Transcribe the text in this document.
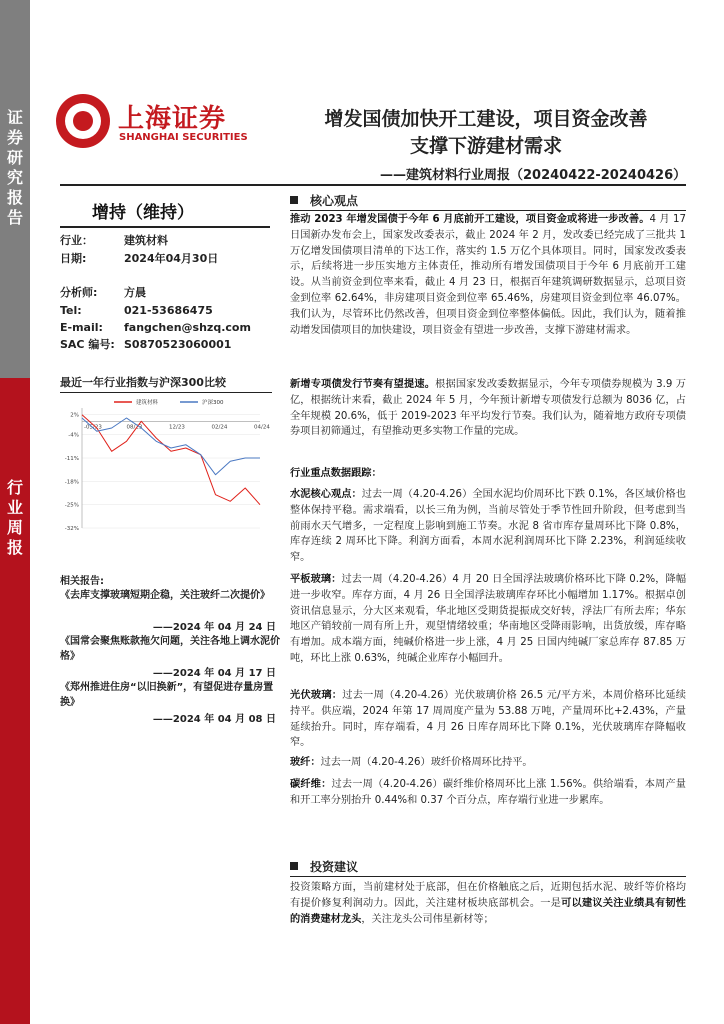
证券研究报告
行业周报
上海证券
SHANGHAI SECURITIES
增发国债加快开工建设，项目资金改善
支撑下游建材需求
——建筑材料行业周报（20240422-20240426）
增持（维持）
行业：	建筑材料
日期:	2024年04月30日
分析师: 方晨
Tel:	021-53686475
E-mail: fangchen@shzq.com
SAC 编号: S0870523060001
最近一年行业指数与沪深300比较
建筑材料	沪深300
2%
-4%
-11%
-18%
-25%
-32%
-05/23	08/23	12/23	02/24	04/24
相关报告:
《去库支撑玻璃短期企稳，关注玻纤二次提价》
——2024 年 04 月 24 日
《国常会聚焦账款拖欠问题，关注各地上调水泥价格》
——2024 年 04 月 17 日
《郑州推进住房“以旧换新”，有望促进存量房置换》
——2024 年 04 月 08 日
核心观点
推动 2023 年增发国债于今年 6 月底前开工建设，项目资金或将进一步改善。4 月 17 日国新办发布会上，国家发改委表示，截止 2024 年 2 月，发改委已经完成了三批共 1 万亿增发国债项目清单的下达工作，落实约 1.5 万亿个具体项目。同时，国家发改委表示，后续将进一步压实地方主体责任，推动所有增发国债项目于今年 6 月底前开工建设。从当前资金到位率来看，截止 4 月 23 日，根据百年建筑调研数据显示，总项目资金到位率 62.64%，非房建项目资金到位率 65.46%，房建项目资金到位率 46.07%。我们认为，尽管环比仍然改善，但项目资金到位率整体偏低。因此，我们认为，随着推动增发国债项目的加快建设，项目资金有望进一步改善，支撑下游建材需求。
新增专项债发行节奏有望提速。根据国家发改委数据显示，今年专项债券规模为 3.9 万亿，根据统计来看，截止 2024 年 5 月，今年预计新增专项债发行总额为 8036 亿，占全年规模 20.6%，低于 2019-2023 年平均发行节奏。我们认为，随着地方政府专项债券项目初筛通过，有望推动更多实物工作量的完成。
行业重点数据跟踪：
水泥核心观点：过去一周（4.20-4.26）全国水泥均价周环比下跌 0.1%，各区域价格也整体保持平稳。需求端看，以长三角为例，当前尽管处于季节性回升阶段，但考虑到当前雨水天气增多，一定程度上影响到施工节奏。水泥 8 省市库存量周环比下降 0.8%，库存连续 2 周环比下降。利润方面看，本周水泥利润周环比下降 2.23%，利润延续收窄。
平板玻璃：过去一周（4.20-4.26）4 月 20 日全国浮法玻璃价格环比下降 0.2%，降幅进一步收窄。库存方面，4 月 26 日全国浮法玻璃库存环比小幅增加 1.17%。根据卓创资讯信息显示，分大区来观看，华北地区受期货提振成交好转，浮法厂有所去库；华东地区产销较前一周有所上升，观望情绪较重；华南地区受降雨影响，出货放缓，库存略有增加。成本端方面，纯碱价格进一步上涨，4 月 25 日国内纯碱厂家总库存 87.85 万吨，环比上涨 0.63%，纯碱企业库存小幅回升。
光伏玻璃：过去一周（4.20-4.26）光伏玻璃价格 26.5 元/平方米，本周价格环比延续持平。供应端，2024 年第 17 周周度产量为 53.88 万吨，产量周环比+2.43%，产量延续抬升。同时，库存端看，4 月 26 日库存周环比下降 0.1%，光伏玻璃库存降幅收窄。
玻纤：过去一周（4.20-4.26）玻纤价格周环比持平。
碳纤维：过去一周（4.20-4.26）碳纤维价格周环比上涨 1.56%。供给端看，本周产量和开工率分别抬升 0.44%和 0.37 个百分点，库存端行业进一步累库。
投资建议
投资策略方面，当前建材处于底部，但在价格触底之后，近期包括水泥、玻纤等价格均有提价修复利润动力。因此，关注建材板块底部机会。一是可以建议关注业绩具有韧性的消费建材龙头，关注龙头公司伟星新材等；
